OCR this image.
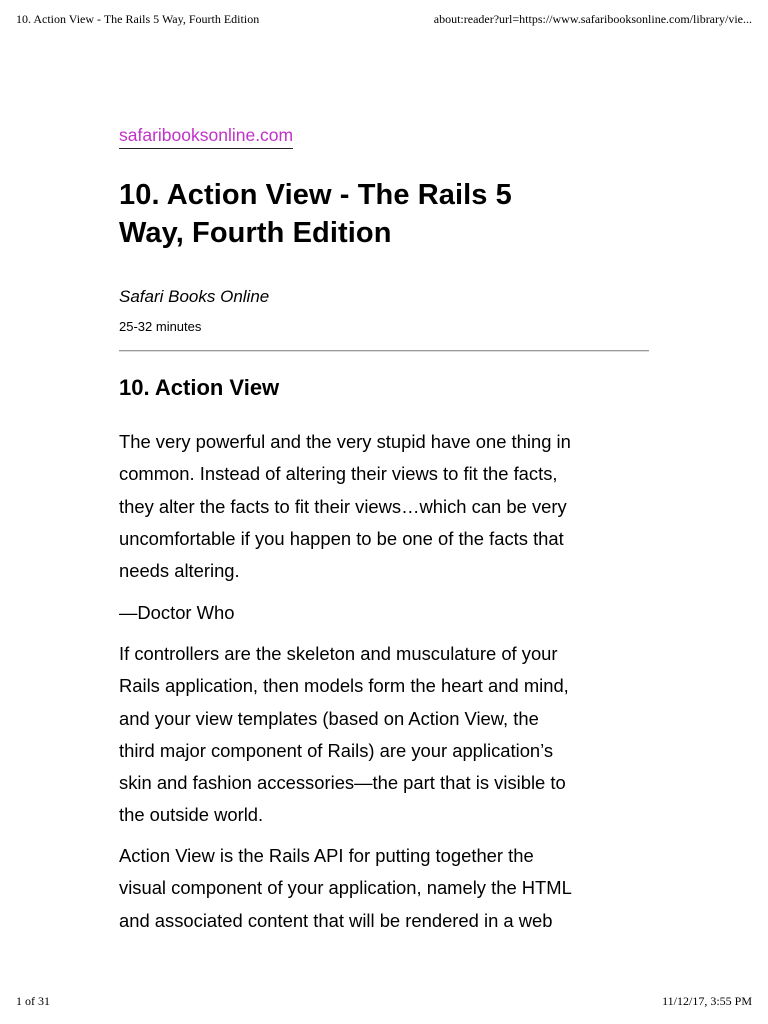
10. Action View - The Rails 5 Way, Fourth Edition	about:reader?url=https://www.safaribooksonline.com/library/vie...
safaribooksonline.com
10. Action View - The Rails 5
Way, Fourth Edition
Safari Books Online
25-32 minutes
10. Action View
The very powerful and the very stupid have one thing in
common. Instead of altering their views to fit the facts,
they alter the facts to fit their views…which can be very
uncomfortable if you happen to be one of the facts that
needs altering.
—Doctor Who
If controllers are the skeleton and musculature of your
Rails application, then models form the heart and mind,
and your view templates (based on Action View, the
third major component of Rails) are your application’s
skin and fashion accessories—the part that is visible to
the outside world.
Action View is the Rails API for putting together the
visual component of your application, namely the HTML
and associated content that will be rendered in a web
1 of 31	11/12/17, 3:55 PM
